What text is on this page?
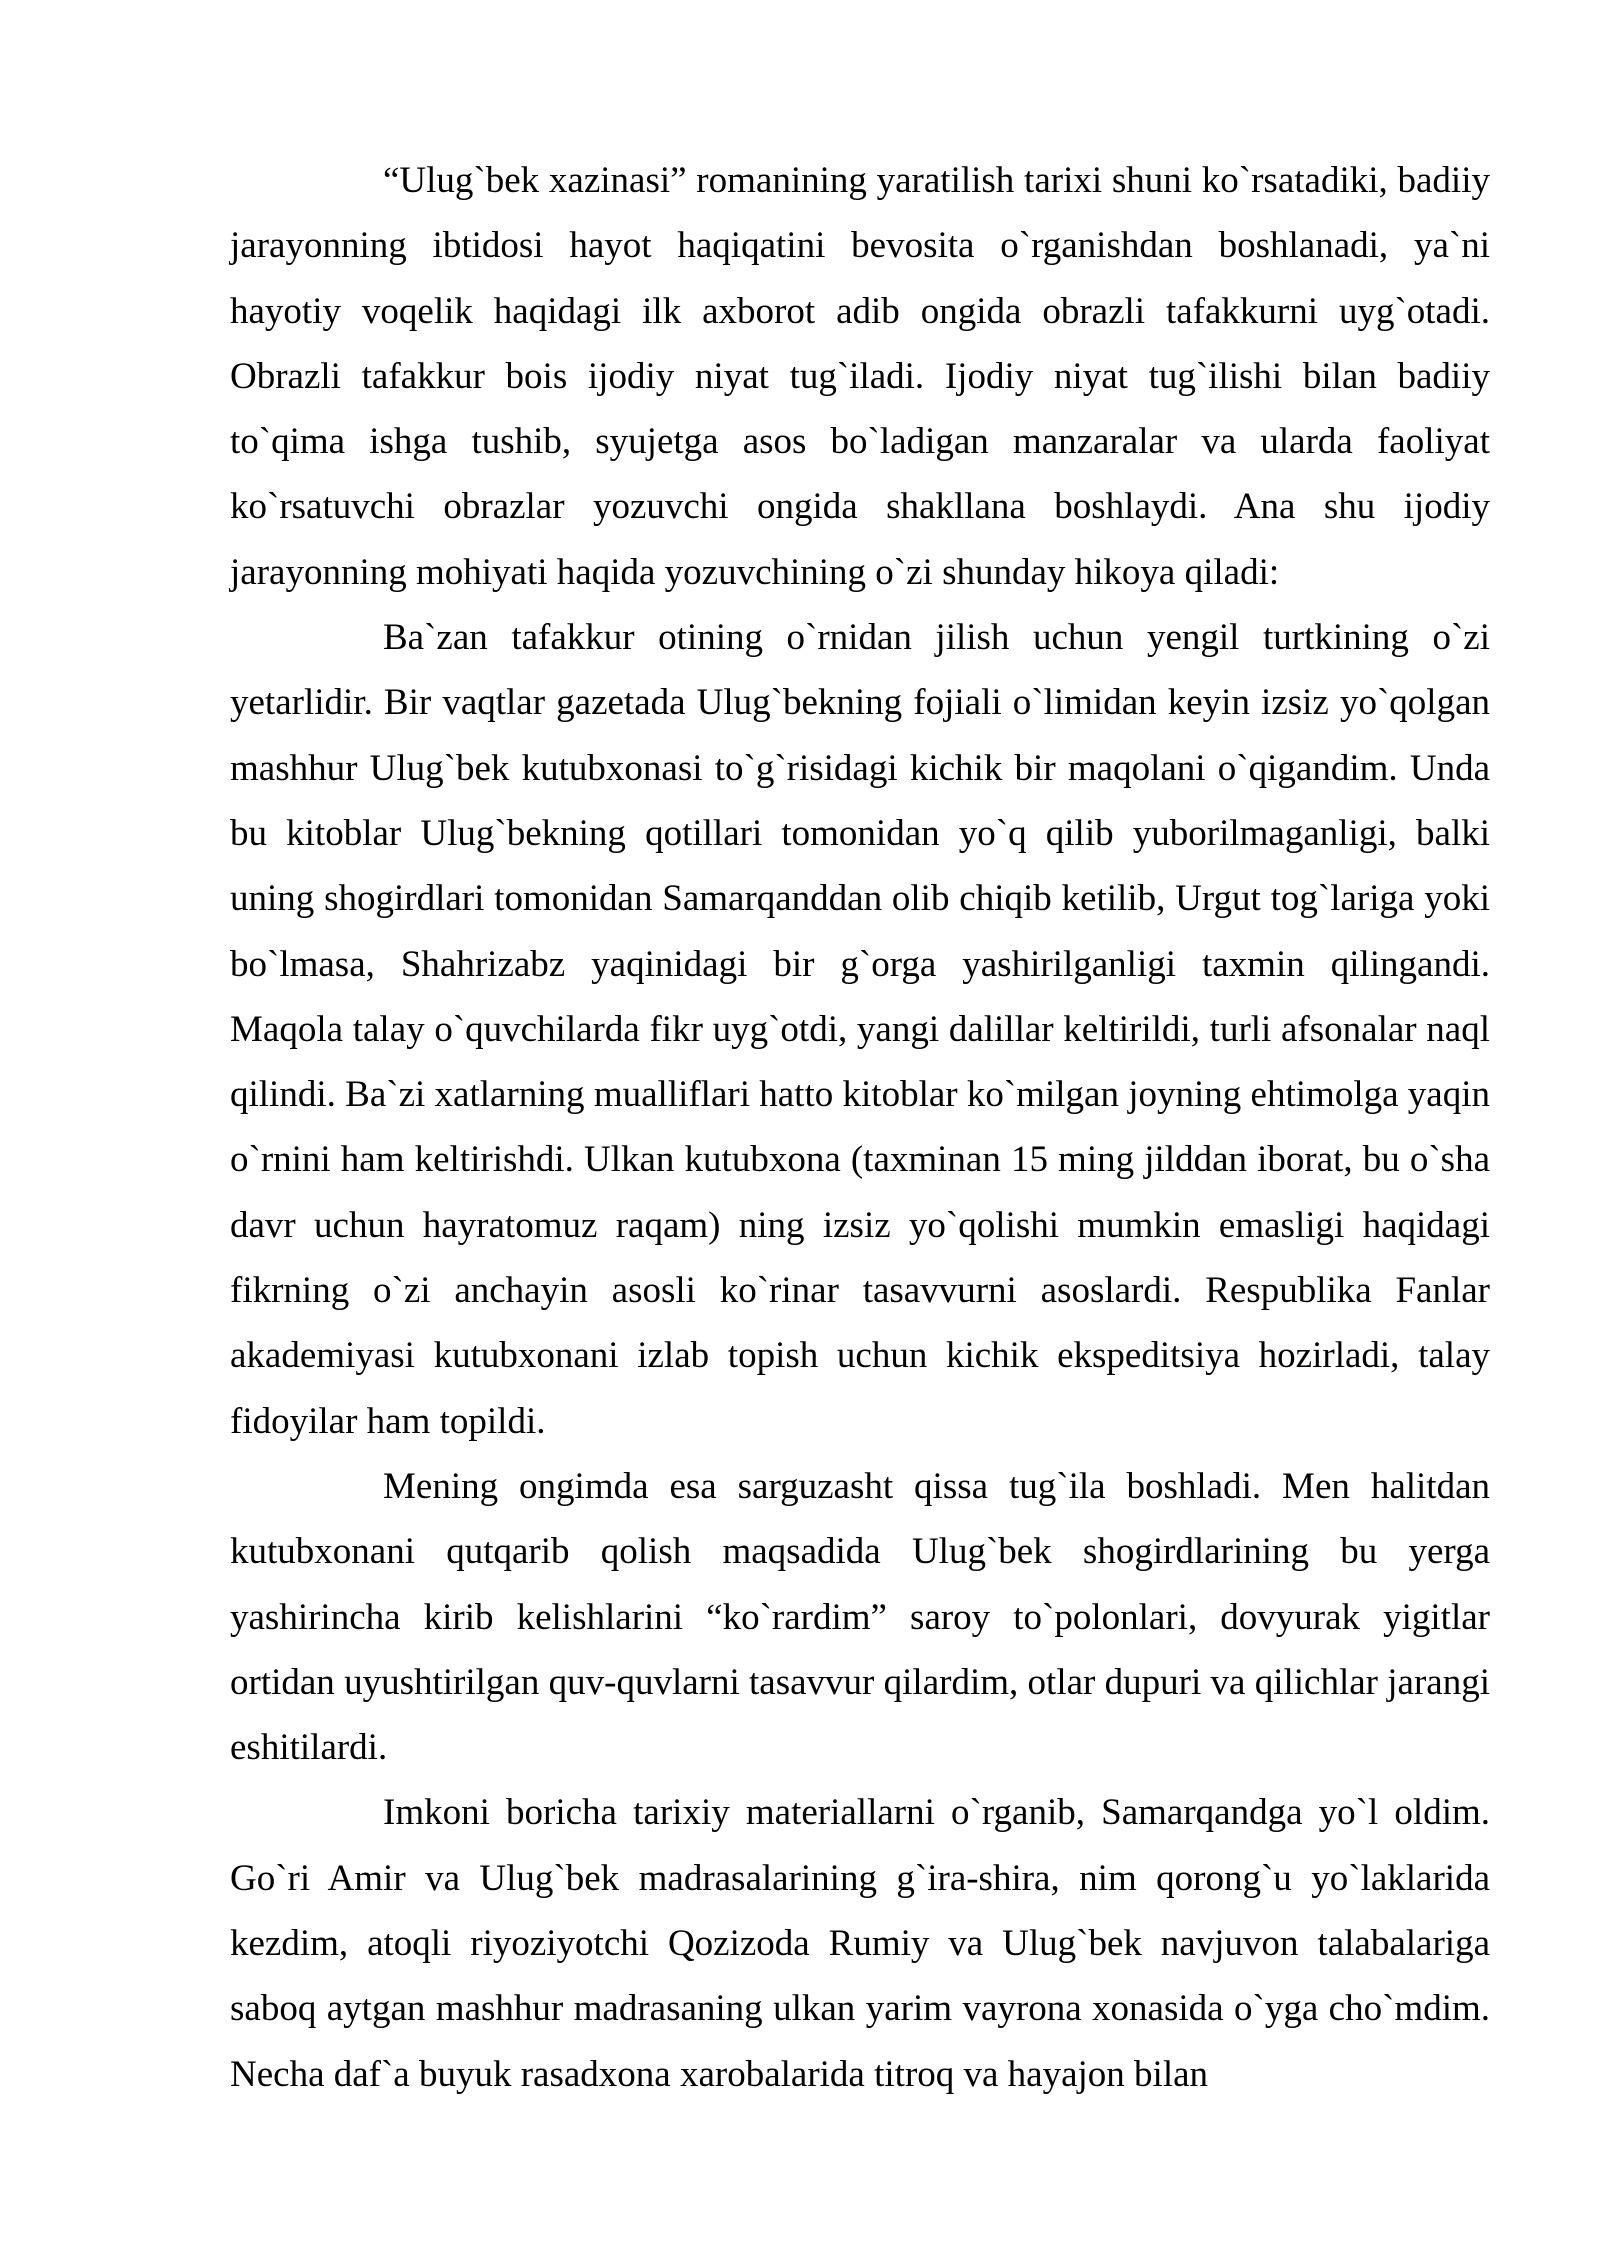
“Ulug`bek xazinasi” romanining yaratilish tarixi shuni ko`rsatadiki, badiiy jarayonning ibtidosi hayot haqiqatini bevosita o`rganishdan boshlanadi, ya`ni hayotiy voqelik haqidagi ilk axborot adib ongida obrazli tafakkurni uyg`otadi. Obrazli tafakkur bois ijodiy niyat tug`iladi. Ijodiy niyat tug`ilishi bilan badiiy to`qima ishga tushib, syujetga asos bo`ladigan manzaralar va ularda faoliyat ko`rsatuvchi obrazlar yozuvchi ongida shakllana boshlaydi. Ana shu ijodiy jarayonning mohiyati haqida yozuvchining o`zi shunday hikoya qiladi:

Ba`zan tafakkur otining o`rnidan jilish uchun yengil turtkining o`zi yetarlidir. Bir vaqtlar gazetada Ulug`bekning fojiali o`limidan keyin izsiz yo`qolgan mashhur Ulug`bek kutubxonasi to`g`risidagi kichik bir maqolani o`qigandim. Unda bu kitoblar Ulug`bekning qotillari tomonidan yo`q qilib yuborilmaganligi, balki uning shogirdlari tomonidan Samarqanddan olib chiqib ketilib, Urgut tog`lariga yoki bo`lmasa, Shahrizabz yaqinidagi bir g`orga yashirilganligi taxmin qilingandi. Maqola talay o`quvchilarda fikr uyg`otdi, yangi dalillar keltirildi, turli afsonalar naql qilindi. Ba`zi xatlarning mualliflari hatto kitoblar ko`milgan joyning ehtimolga yaqin o`rnini ham keltirishdi. Ulkan kutubxona (taxminan 15 ming jilddan iborat, bu o`sha davr uchun hayratomuz raqam) ning izsiz yo`qolishi mumkin emasligi haqidagi fikrning o`zi anchayin asosli ko`rinar tasavvurni asoslardi. Respublika Fanlar akademiyasi kutubxonani izlab topish uchun kichik ekspeditsiya hozirladi, talay fidoyilar ham topildi.

Mening ongimda esa sarguzasht qissa tug`ila boshladi. Men halitdan kutubxonani qutqarib qolish maqsadida Ulug`bek shogirdlarining bu yerga yashirincha kirib kelishlarini “ko`rardim” saroy to`polonlari, dovyurak yigitlar ortidan uyushtirilgan quv-quvlarni tasavvur qilardim, otlar dupuri va qilichlar jarangi eshitilardi.

Imkoni boricha tarixiy materiallarni o`rganib, Samarqandga yo`l oldim. Go`ri Amir va Ulug`bek madrasalarining g`ira-shira, nim qorong`u yo`laklarida kezdim, atoqli riyoziyotchi Qozizoda Rumiy va Ulug`bek navjuvon talabalariga saboq aytgan mashhur madrasaning ulkan yarim vayrona xonasida o`yga cho`mdim. Necha daf`a buyuk rasadxona xarobalarida titroq va hayajon bilan
